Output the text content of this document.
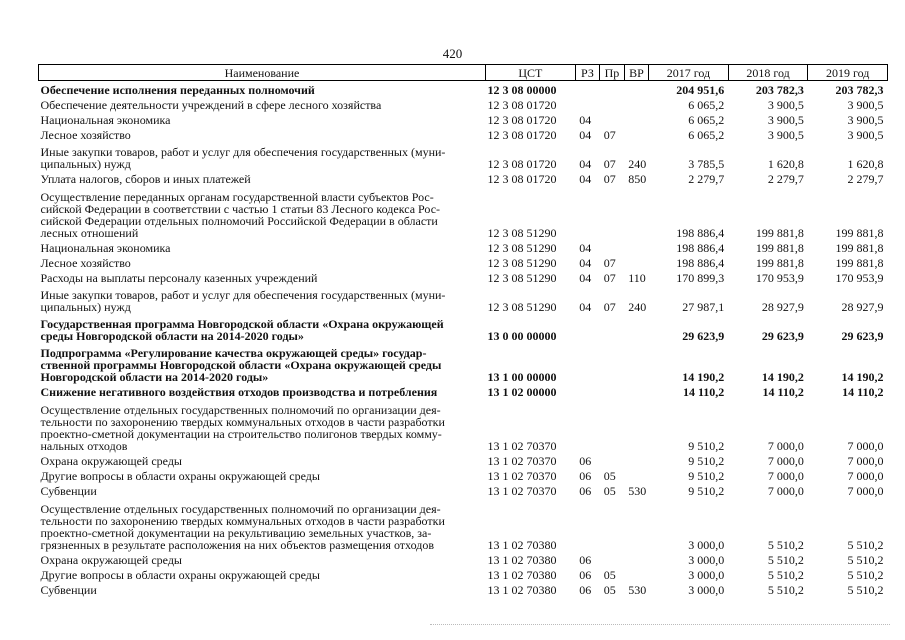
420
Наименование	ЦСТ	РЗ	Пр	ВР	2017 год	2018 год	2019 год
Обеспечение исполнения переданных полномочий	12 3 08 00000				204 951,6	203 782,3	203 782,3
Обеспечение деятельности учреждений в сфере лесного хозяйства	12 3 08 01720				6 065,2	3 900,5	3 900,5
Национальная экономика	12 3 08 01720	04			6 065,2	3 900,5	3 900,5
Лесное хозяйство	12 3 08 01720	04	07		6 065,2	3 900,5	3 900,5
Иные закупки товаров, работ и услуг для обеспечения государственных (муни-
ципальных) нужд	12 3 08 01720	04	07	240	3 785,5	1 620,8	1 620,8
Уплата налогов, сборов и иных платежей	12 3 08 01720	04	07	850	2 279,7	2 279,7	2 279,7
Осуществление переданных органам государственной власти субъектов Рос-
сийской Федерации в соответствии с частью 1 статьи 83 Лесного кодекса Рос-
сийской Федерации отдельных полномочий Российской Федерации в области
лесных отношений	12 3 08 51290				198 886,4	199 881,8	199 881,8
Национальная экономика	12 3 08 51290	04			198 886,4	199 881,8	199 881,8
Лесное хозяйство	12 3 08 51290	04	07		198 886,4	199 881,8	199 881,8
Расходы на выплаты персоналу казенных учреждений	12 3 08 51290	04	07	110	170 899,3	170 953,9	170 953,9
Иные закупки товаров, работ и услуг для обеспечения государственных (муни-
ципальных) нужд	12 3 08 51290	04	07	240	27 987,1	28 927,9	28 927,9
Государственная программа Новгородской области «Охрана окружающей
среды Новгородской области на 2014-2020 годы»	13 0 00 00000				29 623,9	29 623,9	29 623,9
Подпрограмма «Регулирование качества окружающей среды» государ-
ственной программы Новгородской области «Охрана окружающей среды
Новгородской области на 2014-2020 годы»	13 1 00 00000				14 190,2	14 190,2	14 190,2
Снижение негативного воздействия отходов производства и потребления	13 1 02 00000				14 110,2	14 110,2	14 110,2
Осуществление отдельных государственных полномочий по организации дея-
тельности по захоронению твердых коммунальных отходов в части разработки
проектно-сметной документации на строительство полигонов твердых комму-
нальных отходов	13 1 02 70370				9 510,2	7 000,0	7 000,0
Охрана окружающей среды	13 1 02 70370	06			9 510,2	7 000,0	7 000,0
Другие вопросы в области охраны окружающей среды	13 1 02 70370	06	05		9 510,2	7 000,0	7 000,0
Субвенции	13 1 02 70370	06	05	530	9 510,2	7 000,0	7 000,0
Осуществление отдельных государственных полномочий по организации дея-
тельности по захоронению твердых коммунальных отходов в части разработки
проектно-сметной документации на рекультивацию земельных участков, за-
грязненных в результате расположения на них объектов размещения отходов	13 1 02 70380				3 000,0	5 510,2	5 510,2
Охрана окружающей среды	13 1 02 70380	06			3 000,0	5 510,2	5 510,2
Другие вопросы в области охраны окружающей среды	13 1 02 70380	06	05		3 000,0	5 510,2	5 510,2
Субвенции	13 1 02 70380	06	05	530	3 000,0	5 510,2	5 510,2
